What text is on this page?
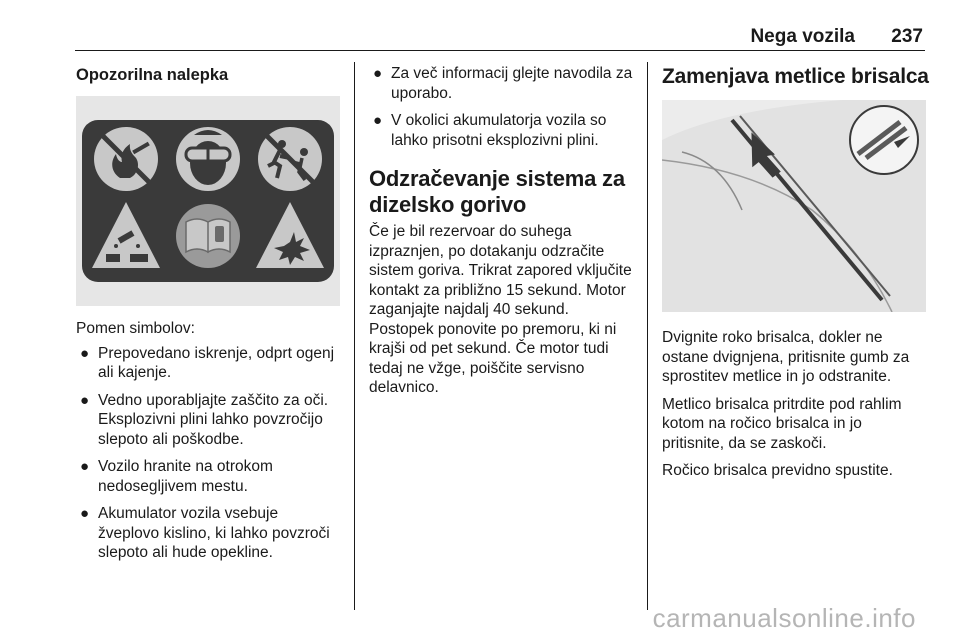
Nega vozila 237
Opozorilna nalepka

Pomen simbolov:

● Prepovedano iskrenje, odprt ogenj ali kajenje.
● Vedno uporabljajte zaščito za oči. Eksplozivni plini lahko povzročijo slepoto ali poškodbe.
● Vozilo hranite na otrokom nedosegljivem mestu.
● Akumulator vozila vsebuje žveplovo kislino, ki lahko povzroči slepoto ali hude opekline.
● Za več informacij glejte navodila za uporabo.
● V okolici akumulatorja vozila so lahko prisotni eksplozivni plini.
Odzračevanje sistema za dizelsko gorivo

Če je bil rezervoar do suhega izpraznjen, po dotakanju odzračite sistem goriva. Trikrat zapored vključite kontakt za približno 15 sekund. Motor zaganjajte najdalj 40 sekund. Postopek ponovite po premoru, ki ni krajši od pet sekund. Če motor tudi tedaj ne vžge, poiščite servisno delavnico.

Zamenjava metlice brisalca

Dvignite roko brisalca, dokler ne ostane dvignjena, pritisnite gumb za sprostitev metlice in jo odstranite.

Metlico brisalca pritrdite pod rahlim kotom na ročico brisalca in jo pritisnite, da se zaskoči.

Ročico brisalca previdno spustite.

carmanualsonline.info
